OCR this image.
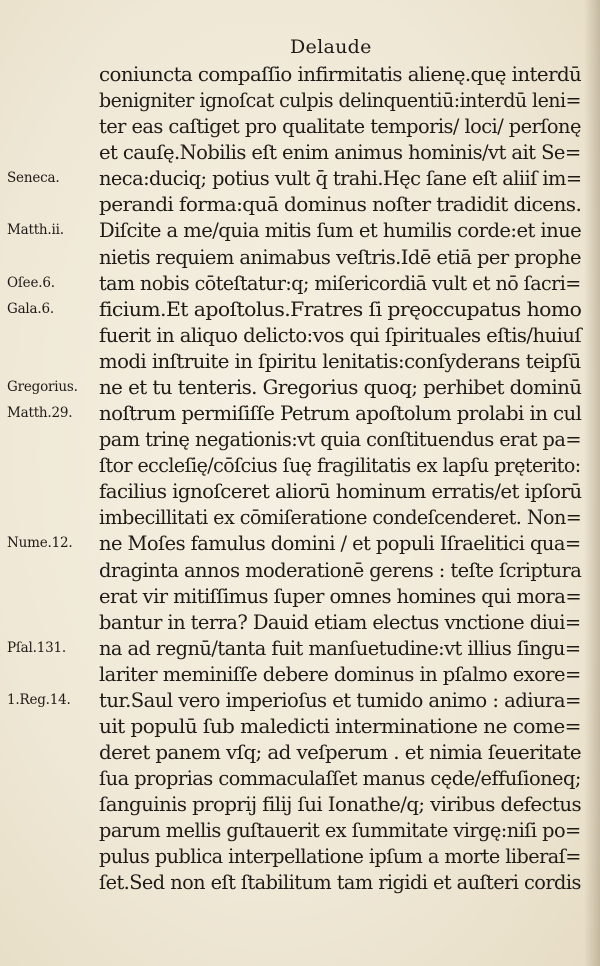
Delaude
coniuncta compaſſio infirmitatis alienę.quę interdū
benigniter ignoſcat culpis delinquentiū:interdū leni=
ter eas caſtiget pro qualitate temporis/ loci/ perſonę
et cauſę.Nobilis eſt enim animus hominis/vt ait Se=
neca:duciq; potius vult q̄ trahi.Hęc ſane eſt aliiſ im=
perandi forma:quā dominus noſter tradidit dicens.
Diſcite a me/quia mitis ſum et humilis corde:et inue
nietis requiem animabus veſtris.Idē etiā per prophe
tam nobis cōteſtatur:q; miſericordiā vult et nō ſacri=
ficium.Et apoſtolus.Fratres ſi pręoccupatus homo
fuerit in aliquo delicto:vos qui ſpirituales eſtis/huiuſ
modi inſtruite in ſpiritu lenitatis:conſyderans teipſū
ne et tu tenteris. Gregorius quoq; perhibet dominū
noſtrum permiſiſſe Petrum apoſtolum prolabi in cul
pam trinę negationis:vt quia conſtituendus erat pa=
ſtor eccleſię/cōſcius ſuę fragilitatis ex lapſu pręterito:
facilius ignoſceret aliorū hominum erratis/et ipſorū
imbecillitati ex cōmiſeratione condeſcenderet. Non=
ne Moſes famulus domini / et populi Iſraelitici qua=
draginta annos moderationē gerens : teſte ſcriptura
erat vir mitiſſimus ſuper omnes homines qui mora=
bantur in terra? Dauid etiam electus vnctione diui=
na ad regnū/tanta fuit manſuetudine:vt illius ſingu=
lariter meminiſſe debere dominus in pſalmo exore=
tur.Saul vero imperioſus et tumido animo : adiura=
uit populū ſub maledicti interminatione ne come=
deret panem vſq; ad veſperum . et nimia ſeueritate
ſua proprias commaculaſſet manus cęde/effuſioneq;
ſanguinis proprij filij ſui Ionathe/q; viribus defectus
parum mellis guſtauerit ex ſummitate virgę:niſi po=
pulus publica interpellatione ipſum a morte liberaſ=
ſet.Sed non eſt ſtabilitum tam rigidi et auſteri cordis
Seneca.
Matth.ii.
Oſee.6.
Gala.6.
Gregorius.
Matth.29.
Nume.12.
Pſal.131.
1.Reg.14.
